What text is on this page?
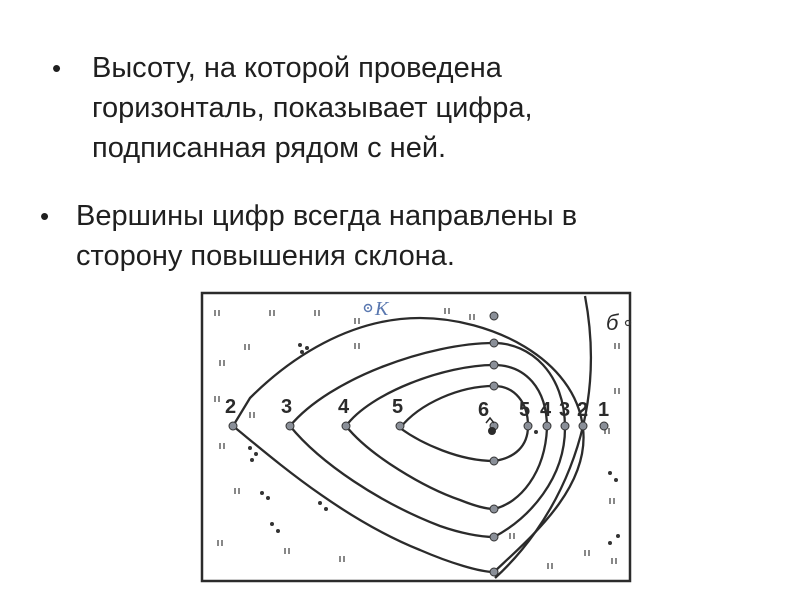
•	Высоту, на которой проведена
горизонталь, показывает цифра,
подписанная рядом с ней.
• Вершины цифр всегда направлены в
сторону повышения склона.
К
б
2 3 4 5	6 5 4 3 2 1
